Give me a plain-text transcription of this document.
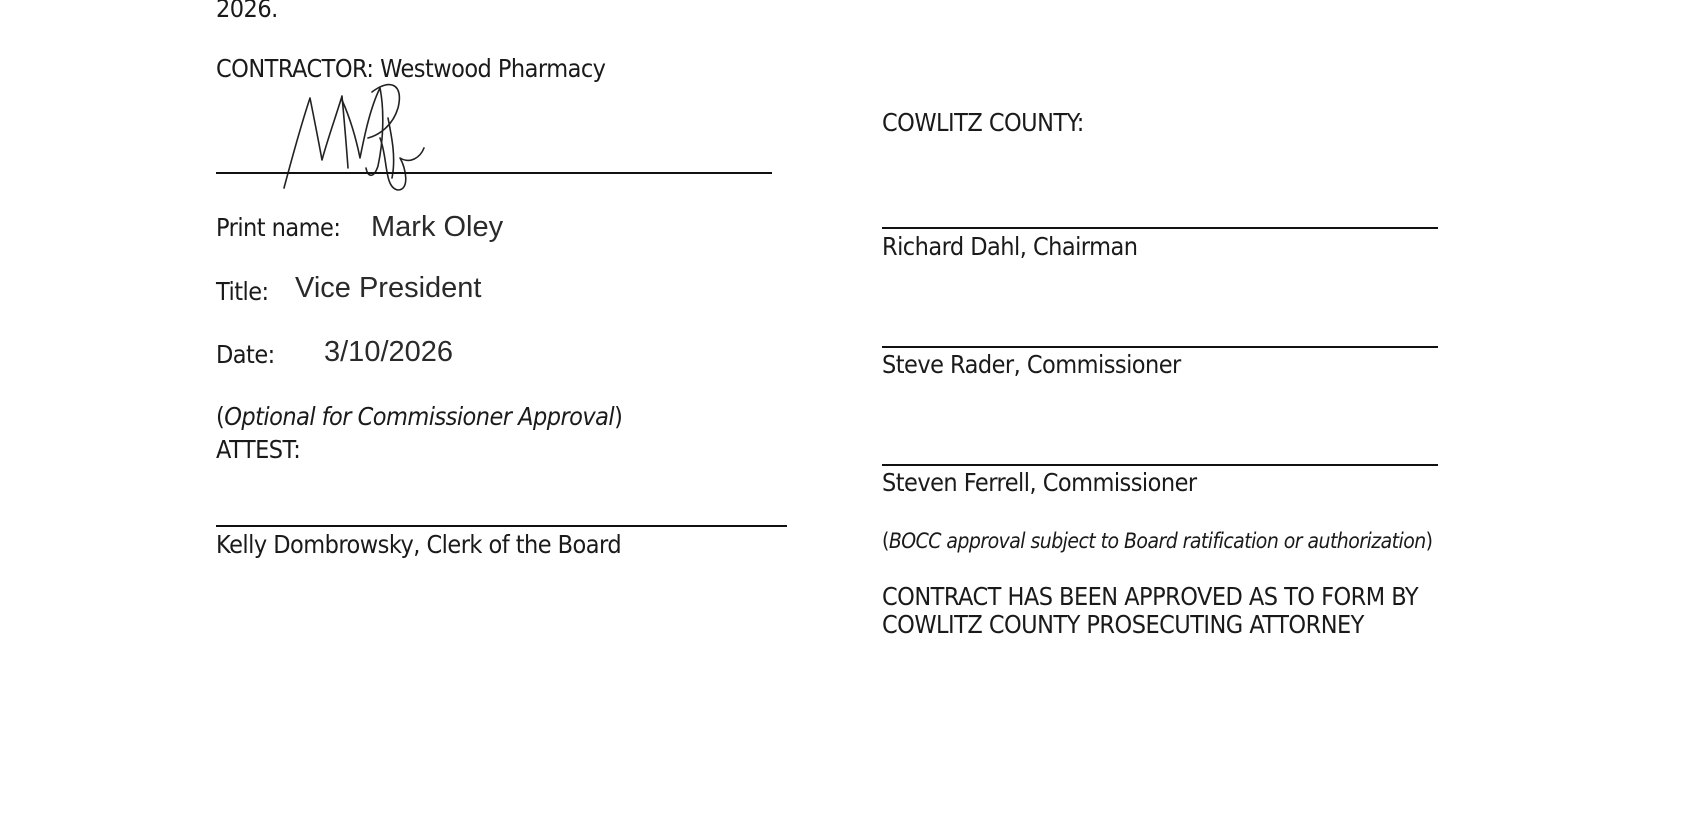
2026.
CONTRACTOR: Westwood Pharmacy
Print name: Mark Oley
Title: Vice President
Date: 3/10/2026
(Optional for Commissioner Approval)
ATTEST:
Kelly Dombrowsky, Clerk of the Board
COWLITZ COUNTY:
Richard Dahl, Chairman
Steve Rader, Commissioner
Steven Ferrell, Commissioner
(BOCC approval subject to Board ratification or authorization)
CONTRACT HAS BEEN APPROVED AS TO FORM BY
COWLITZ COUNTY PROSECUTING ATTORNEY
